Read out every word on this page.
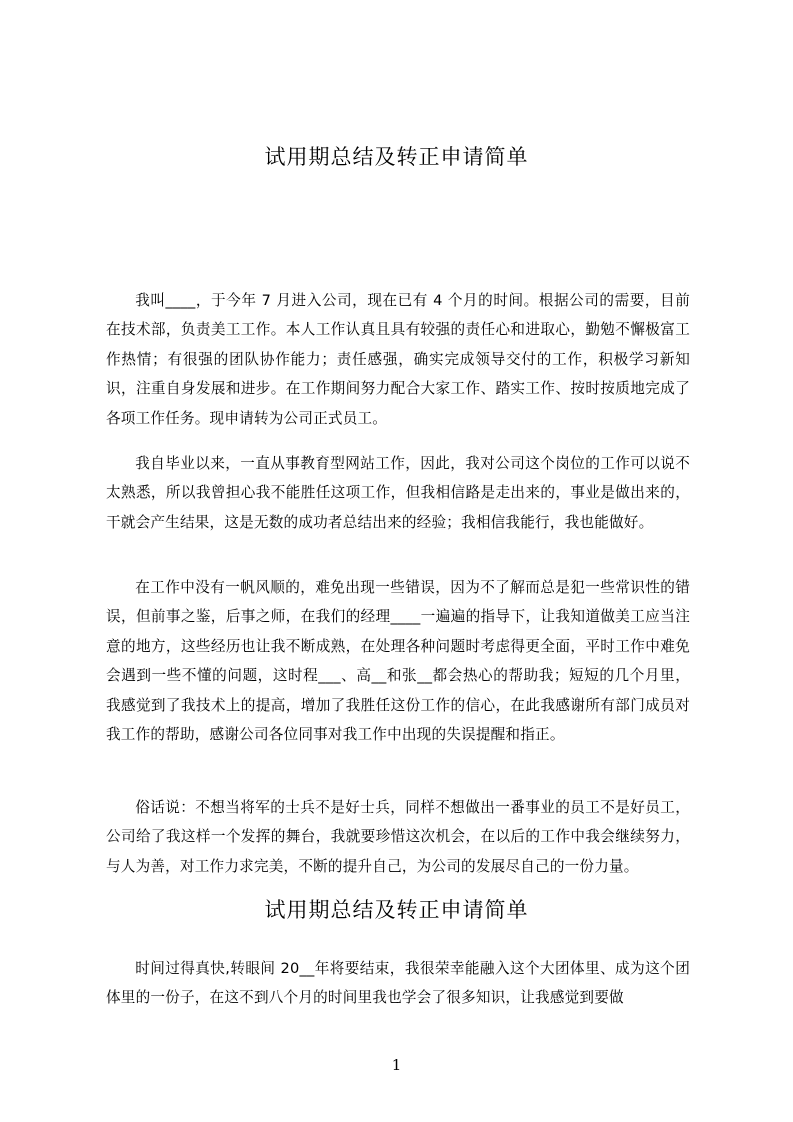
试用期总结及转正申请简单

我叫____，于今年 7 月进入公司，现在已有 4 个月的时间。根据公司的需要，目前在技术部，负责美工工作。本人工作认真且具有较强的责任心和进取心，勤勉不懈极富工作热情；有很强的团队协作能力；责任感强，确实完成领导交付的工作，积极学习新知识，注重自身发展和进步。在工作期间努力配合大家工作、踏实工作、按时按质地完成了各项工作任务。现申请转为公司正式员工。

我自毕业以来，一直从事教育型网站工作，因此，我对公司这个岗位的工作可以说不太熟悉，所以我曾担心我不能胜任这项工作，但我相信路是走出来的，事业是做出来的，干就会产生结果，这是无数的成功者总结出来的经验；我相信我能行，我也能做好。

在工作中没有一帆风顺的，难免出现一些错误，因为不了解而总是犯一些常识性的错误，但前事之鉴，后事之师，在我们的经理____一遍遍的指导下，让我知道做美工应当注意的地方，这些经历也让我不断成熟，在处理各种问题时考虑得更全面，平时工作中难免会遇到一些不懂的问题，这时程___、高__和张__都会热心的帮助我；短短的几个月里，我感觉到了我技术上的提高，增加了我胜任这份工作的信心，在此我感谢所有部门成员对我工作的帮助，感谢公司各位同事对我工作中出现的失误提醒和指正。

俗话说：不想当将军的士兵不是好士兵，同样不想做出一番事业的员工不是好员工，公司给了我这样一个发挥的舞台，我就要珍惜这次机会，在以后的工作中我会继续努力，与人为善，对工作力求完美，不断的提升自己，为公司的发展尽自己的一份力量。

试用期总结及转正申请简单

时间过得真快,转眼间 20__年将要结束，我很荣幸能融入这个大团体里、成为这个团体里的一份子，在这不到八个月的时间里我也学会了很多知识，让我感觉到要做

1
